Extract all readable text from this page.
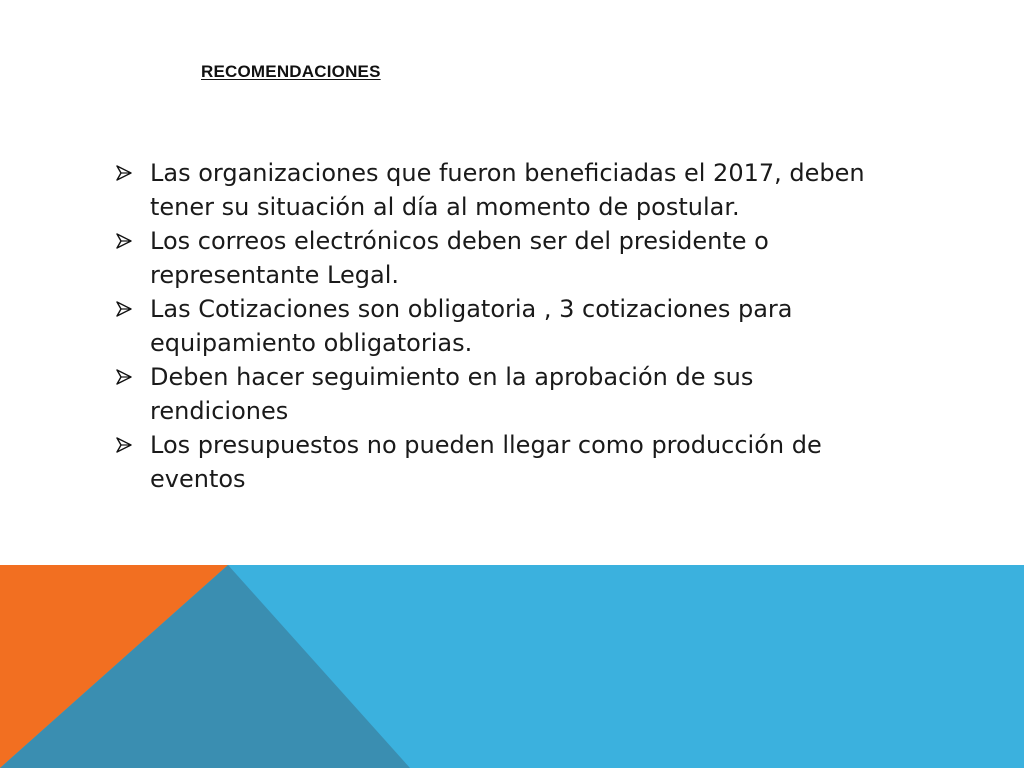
RECOMENDACIONES
Las organizaciones que fueron beneficiadas el 2017, deben tener su situación al día al momento de postular.
Los correos electrónicos deben ser del presidente o representante Legal.
Las Cotizaciones son obligatoria , 3 cotizaciones para equipamiento obligatorias.
Deben hacer seguimiento en la aprobación de sus rendiciones
Los presupuestos no pueden llegar como producción de eventos
